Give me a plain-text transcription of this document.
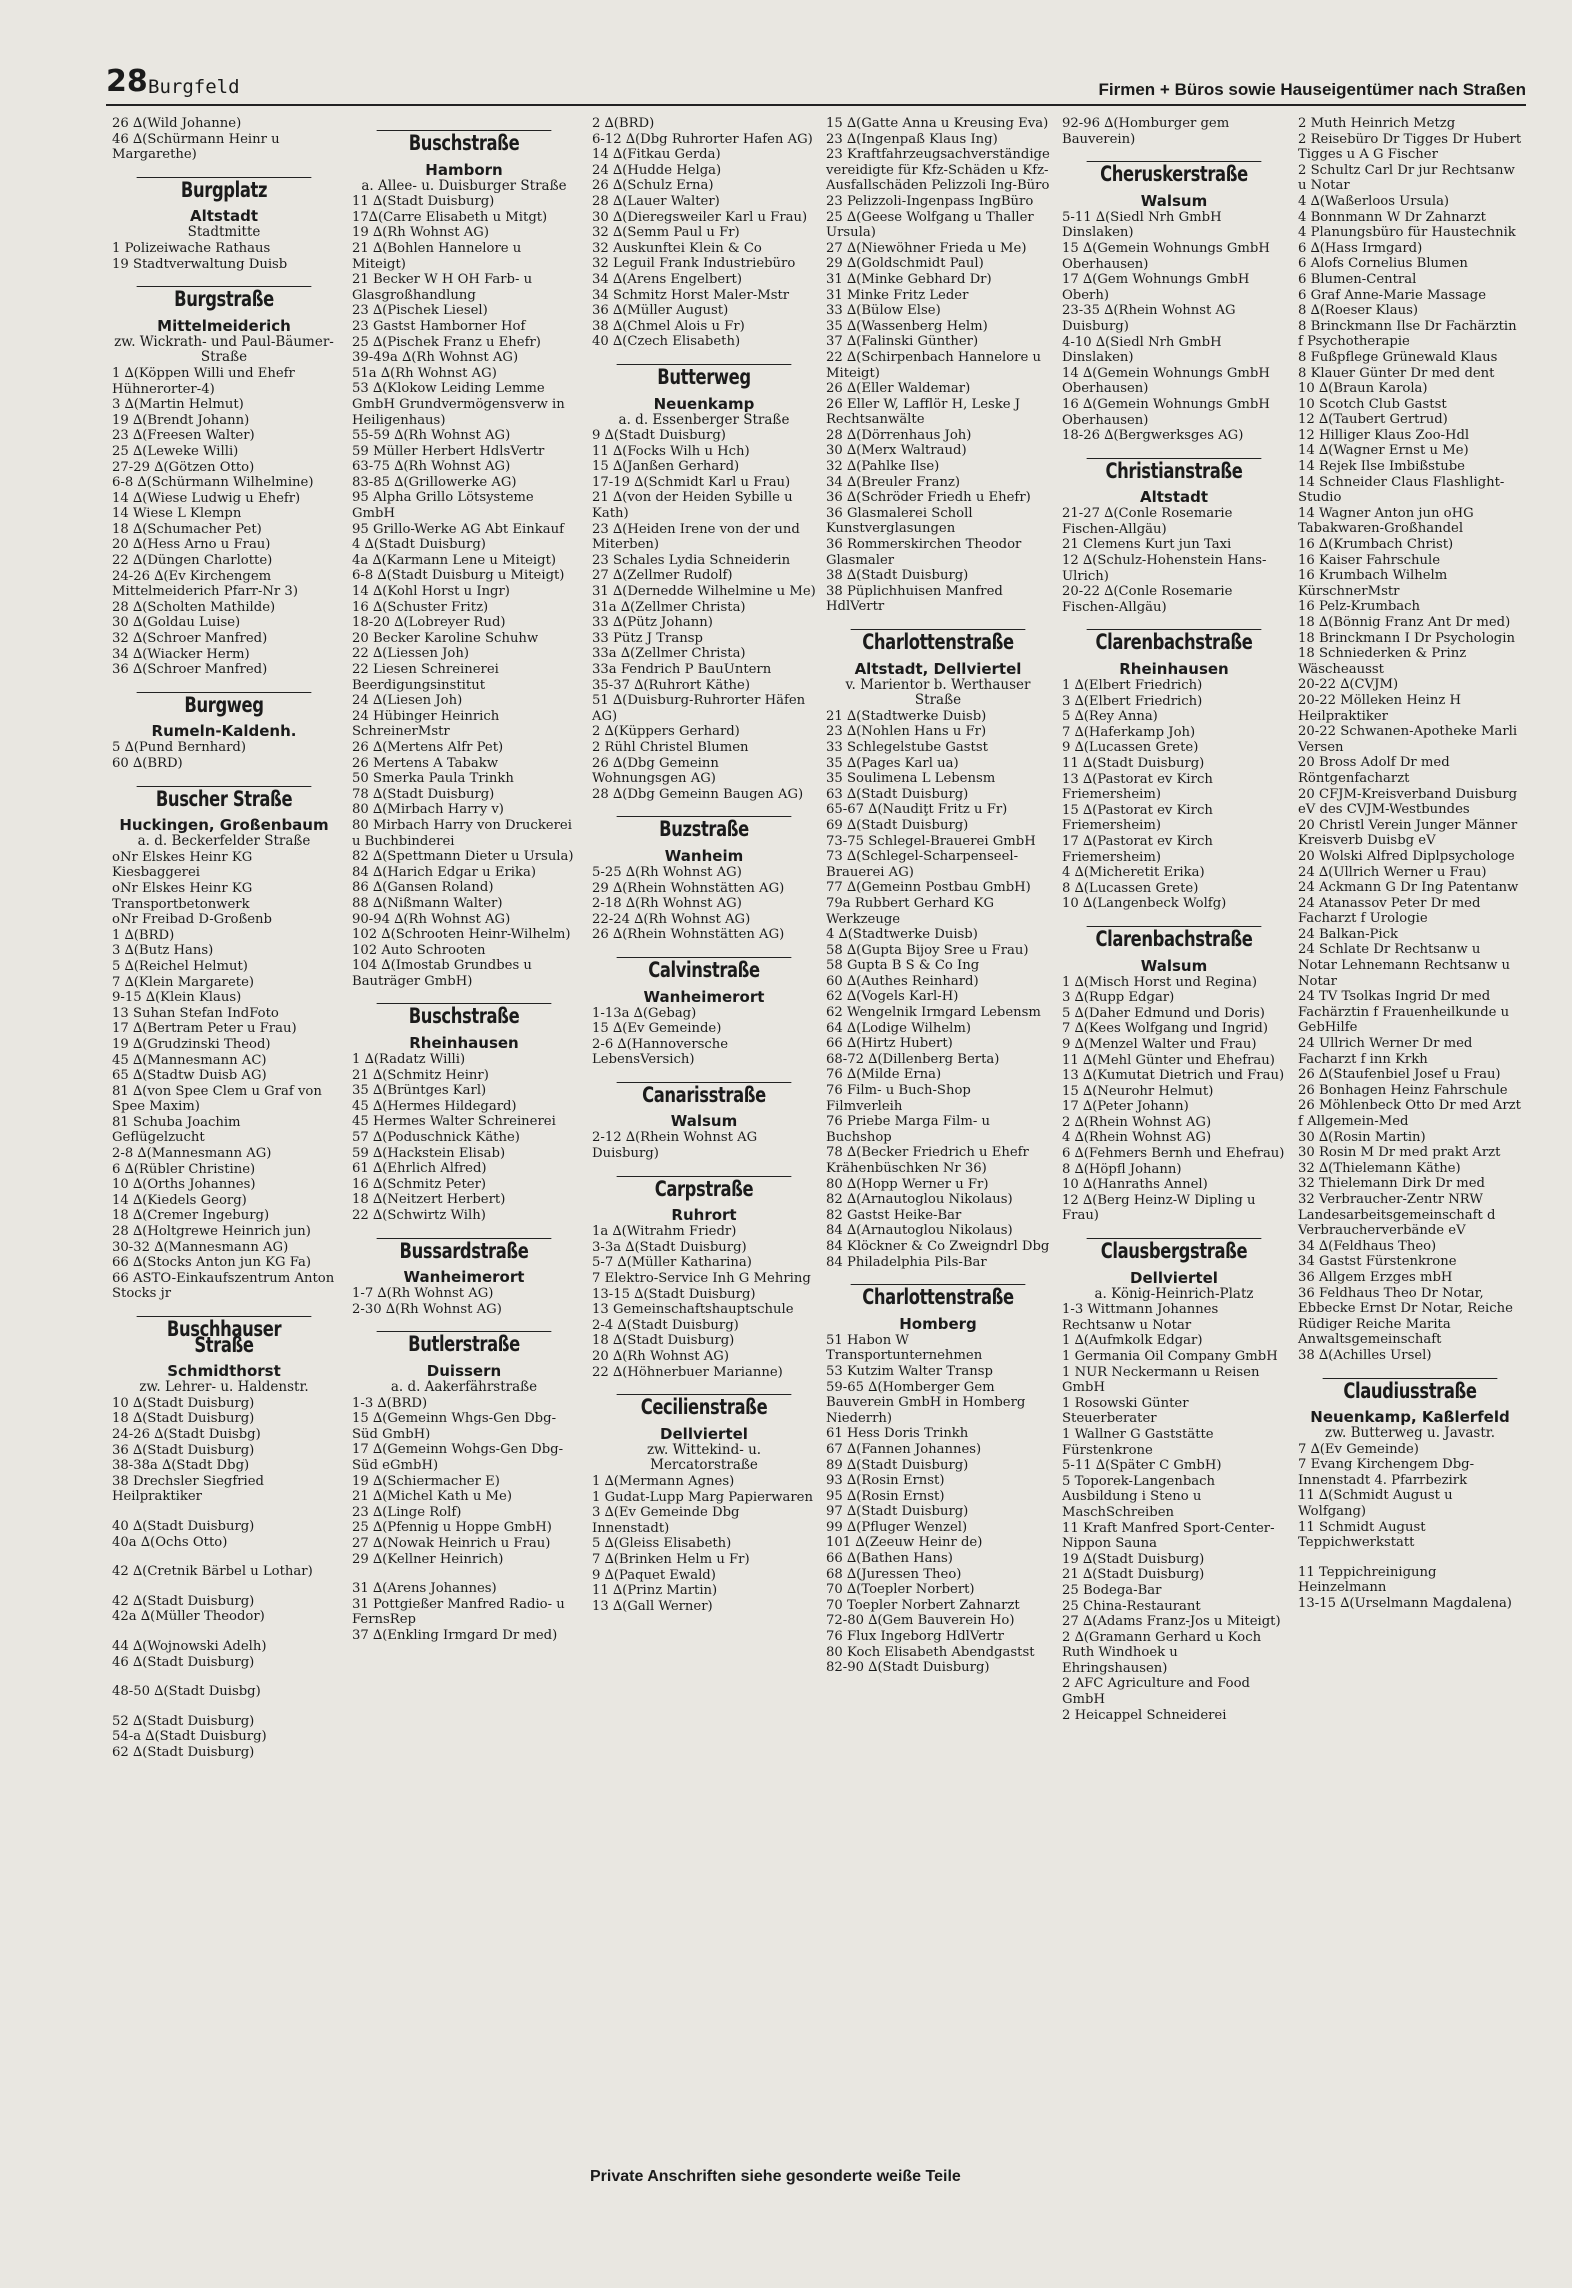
28 Burgfeld	Firmen + Büros sowie Hauseigentümer nach Straßen
26 ∆(Wild Johanne)
46 ∆(Schürmann Heinr u Margarethe)
Burgplatz
Altstadt
Stadtmitte
1 Polizeiwache Rathaus
19 Stadtverwaltung Duisb
Burgstraße
Mittelmeiderich
zw. Wickrath- und Paul-Bäumer-Straße
1 ∆(Köppen Willi und Ehefr Hühnerorter-4)
3 ∆(Martin Helmut)
19 ∆(Brendt Johann)
23 ∆(Freesen Walter)
25 ∆(Leweke Willi)
27-29 ∆(Götzen Otto)
6-8 ∆(Schürmann Wilhelmine)
14 ∆(Wiese Ludwig u Ehefr)
14 Wiese L Klempn
18 ∆(Schumacher Pet)
20 ∆(Hess Arno u Frau)
22 ∆(Düngen Charlotte)
24-26 ∆(Ev Kirchengem Mittelmeiderich Pfarr-Nr 3)
28 ∆(Scholten Mathilde)
30 ∆(Goldau Luise)
32 ∆(Schroer Manfred)
34 ∆(Wiacker Herm)
36 ∆(Schroer Manfred)
Burgweg
Rumeln-Kaldenh.
5 ∆(Pund Bernhard)
60 ∆(BRD)
Buscher Straße
Huckingen, Großenbaum
a. d. Beckerfelder Straße
oNr Elskes Heinr KG Kiesbaggerei
oNr Elskes Heinr KG Transportbetonwerk
oNr Freibad D-Großenb
1 ∆(BRD)
3 ∆(Butz Hans)
5 ∆(Reichel Helmut)
7 ∆(Klein Margarete)
9-15 ∆(Klein Klaus)
13 Suhan Stefan IndFoto
17 ∆(Bertram Peter u Frau)
19 ∆(Grudzinski Theod)
45 ∆(Mannesmann AC)
65 ∆(Stadtw Duisb AG)
81 ∆(von Spee Clem u Graf von Spee Maxim)
81 Schuba Joachim Geflügelzucht
2-8 ∆(Mannesmann AG)
6 ∆(Rübler Christine)
10 ∆(Orths Johannes)
14 ∆(Kiedels Georg)
18 ∆(Cremer Ingeburg)
28 ∆(Holtgrewe Heinrich jun)
30-32 ∆(Mannesmann AG)
66 ∆(Stocks Anton jun KG Fa)
66 ASTO-Einkaufszentrum Anton Stocks jr
Buschhauser Straße
Schmidthorst
zw. Lehrer- u. Haldenstr.
10 ∆(Stadt Duisburg)
18 ∆(Stadt Duisburg)
24-26 ∆(Stadt Duisbg)
36 ∆(Stadt Duisburg)
38-38a ∆(Stadt Dbg)
38 Drechsler Siegfried Heilpraktiker
40 ∆(Stadt Duisburg)
40a ∆(Ochs Otto)
42 ∆(Cretnik Bärbel u Lothar)
42 ∆(Stadt Duisburg)
42a ∆(Müller Theodor)
44 ∆(Wojnowski Adelh)
46 ∆(Stadt Duisburg)
48-50 ∆(Stadt Duisbg)
52 ∆(Stadt Duisburg)
54-a ∆(Stadt Duisburg)
62 ∆(Stadt Duisburg)
Buschstraße
Hamborn
a. Allee- u. Duisburger Straße
11 ∆(Stadt Duisburg)
17∆(Carre Elisabeth u Mitgt)
19 ∆(Rh Wohnst AG)
21 ∆(Bohlen Hannelore u Miteigt)
21 Becker W H OH Farb- u Glasgroßhandlung
23 ∆(Pischek Liesel)
23 Gastst Hamborner Hof
25 ∆(Pischek Franz u Ehefr)
39-49a ∆(Rh Wohnst AG)
51a ∆(Rh Wohnst AG)
53 ∆(Klokow Leiding Lemme GmbH Grundvermögensverw in Heiligenhaus)
55-59 ∆(Rh Wohnst AG)
59 Müller Herbert HdlsVertr
63-75 ∆(Rh Wohnst AG)
83-85 ∆(Grillowerke AG)
95 Alpha Grillo Lötsysteme GmbH
95 Grillo-Werke AG Abt Einkauf
4 ∆(Stadt Duisburg)
4a ∆(Karmann Lene u Miteigt)
6-8 ∆(Stadt Duisburg u Miteigt)
14 ∆(Kohl Horst u Ingr)
16 ∆(Schuster Fritz)
18-20 ∆(Lobreyer Rud)
20 Becker Karoline Schuhw
22 ∆(Liessen Joh)
22 Liesen Schreinerei Beerdigungsinstitut
24 ∆(Liesen Joh)
24 Hübinger Heinrich SchreinerMstr
26 ∆(Mertens Alfr Pet)
26 Mertens A Tabakw
50 Smerka Paula Trinkh
78 ∆(Stadt Duisburg)
80 ∆(Mirbach Harry v)
80 Mirbach Harry von Druckerei u Buchbinderei
82 ∆(Spettmann Dieter u Ursula)
84 ∆(Harich Edgar u Erika)
86 ∆(Gansen Roland)
88 ∆(Nißmann Walter)
90-94 ∆(Rh Wohnst AG)
102 ∆(Schrooten Heinr-Wilhelm)
102 Auto Schrooten
104 ∆(Imostab Grundbes u Bauträger GmbH)
Buschstraße
Rheinhausen
1 ∆(Radatz Willi)
21 ∆(Schmitz Heinr)
35 ∆(Brüntges Karl)
45 ∆(Hermes Hildegard)
45 Hermes Walter Schreinerei
57 ∆(Poduschnick Käthe)
59 ∆(Hackstein Elisab)
61 ∆(Ehrlich Alfred)
16 ∆(Schmitz Peter)
18 ∆(Neitzert Herbert)
22 ∆(Schwirtz Wilh)
Bussardstraße
Wanheimerort
1-7 ∆(Rh Wohnst AG)
2-30 ∆(Rh Wohnst AG)
Butlerstraße
Duissern
a. d. Aakerfährstraße
1-3 ∆(BRD)
15 ∆(Gemeinn Whgs-Gen Dbg-Süd GmbH)
17 ∆(Gemeinn Wohgs-Gen Dbg-Süd eGmbH)
19 ∆(Schiermacher E)
21 ∆(Michel Kath u Me)
23 ∆(Linge Rolf)
25 ∆(Pfennig u Hoppe GmbH)
27 ∆(Nowak Heinrich u Frau)
29 ∆(Kellner Heinrich)
31 ∆(Arens Johannes)
31 Pottgießer Manfred Radio- u FernsRep
37 ∆(Enkling Irmgard Dr med)
2 ∆(BRD)
6-12 ∆(Dbg Ruhrorter Hafen AG)
14 ∆(Fitkau Gerda)
24 ∆(Hudde Helga)
26 ∆(Schulz Erna)
28 ∆(Lauer Walter)
30 ∆(Dieregsweiler Karl u Frau)
32 ∆(Semm Paul u Fr)
32 Auskunftei Klein & Co
32 Leguil Frank Industriebüro
34 ∆(Arens Engelbert)
34 Schmitz Horst Maler-Mstr
36 ∆(Müller August)
38 ∆(Chmel Alois u Fr)
40 ∆(Czech Elisabeth)
Butterweg
Neuenkamp
a. d. Essenberger Straße
9 ∆(Stadt Duisburg)
11 ∆(Focks Wilh u Hch)
15 ∆(Janßen Gerhard)
17-19 ∆(Schmidt Karl u Frau)
21 ∆(von der Heiden Sybille u Kath)
23 ∆(Heiden Irene von der und Miterben)
23 Schales Lydia Schneiderin
27 ∆(Zellmer Rudolf)
31 ∆(Dernedde Wilhelmine u Me)
31a ∆(Zellmer Christa)
33 ∆(Pütz Johann)
33 Pütz J Transp
33a ∆(Zellmer Christa)
33a Fendrich P BauUntern
35-37 ∆(Ruhrort Käthe)
51 ∆(Duisburg-Ruhrorter Häfen AG)
2 ∆(Küppers Gerhard)
2 Rühl Christel Blumen
26 ∆(Dbg Gemeinn Wohnungsgen AG)
28 ∆(Dbg Gemeinn Baugen AG)
Buzstraße
Wanheim
5-25 ∆(Rh Wohnst AG)
29 ∆(Rhein Wohnstätten AG)
2-18 ∆(Rh Wohnst AG)
22-24 ∆(Rh Wohnst AG)
26 ∆(Rhein Wohnstätten AG)
Calvinstraße
Wanheimerort
1-13a ∆(Gebag)
15 ∆(Ev Gemeinde)
2-6 ∆(Hannoversche LebensVersich)
Canarisstraße
Walsum
2-12 ∆(Rhein Wohnst AG Duisburg)
Carpstraße
Ruhrort
1a ∆(Witrahm Friedr)
3-3a ∆(Stadt Duisburg)
5-7 ∆(Müller Katharina)
7 Elektro-Service Inh G Mehring
13-15 ∆(Stadt Duisburg)
13 Gemeinschaftshauptschule
2-4 ∆(Stadt Duisburg)
18 ∆(Stadt Duisburg)
20 ∆(Rh Wohnst AG)
22 ∆(Höhnerbuer Marianne)
Cecilienstraße
Dellviertel
zw. Wittekind- u. Mercatorstraße
1 ∆(Mermann Agnes)
1 Gudat-Lupp Marg Papierwaren
3 ∆(Ev Gemeinde Dbg Innenstadt)
5 ∆(Gleiss Elisabeth)
7 ∆(Brinken Helm u Fr)
9 ∆(Paquet Ewald)
11 ∆(Prinz Martin)
13 ∆(Gall Werner)
15 ∆(Gatte Anna u Kreusing Eva)
23 ∆(Ingenpaß Klaus Ing)
23 Kraftfahrzeugsachverständige vereidigte für Kfz-Schäden u Kfz-Ausfallschäden Pelizzoli Ing-Büro
23 Pelizzoli-Ingenpass IngBüro
25 ∆(Geese Wolfgang u Thaller Ursula)
27 ∆(Niewöhner Frieda u Me)
29 ∆(Goldschmidt Paul)
31 ∆(Minke Gebhard Dr)
31 Minke Fritz Leder
33 ∆(Bülow Else)
35 ∆(Wassenberg Helm)
37 ∆(Falinski Günther)
22 ∆(Schirpenbach Hannelore u Miteigt)
26 ∆(Eller Waldemar)
26 Eller W, Lafflör H, Leske J Rechtsanwälte
28 ∆(Dörrenhaus Joh)
30 ∆(Merx Waltraud)
32 ∆(Pahlke Ilse)
34 ∆(Breuler Franz)
36 ∆(Schröder Friedh u Ehefr)
36 Glasmalerei Scholl Kunstverglasungen
36 Rommerskirchen Theodor Glasmaler
38 ∆(Stadt Duisburg)
38 Püplichhuisen Manfred HdlVertr
Charlottenstraße
Altstadt, Dellviertel
v. Marientor b. Werthauser Straße
21 ∆(Stadtwerke Duisb)
23 ∆(Nohlen Hans u Fr)
33 Schlegelstube Gastst
35 ∆(Pages Karl ua)
35 Soulimena L Lebensm
63 ∆(Stadt Duisburg)
65-67 ∆(Naudiţt Fritz u Fr)
69 ∆(Stadt Duisburg)
73-75 Schlegel-Brauerei GmbH
73 ∆(Schlegel-Scharpenseel-Brauerei AG)
77 ∆(Gemeinn Postbau GmbH)
79a Rubbert Gerhard KG Werkzeuge
4 ∆(Stadtwerke Duisb)
58 ∆(Gupta Bijoy Sree u Frau)
58 Gupta B S & Co Ing
60 ∆(Authes Reinhard)
62 ∆(Vogels Karl-H)
62 Wengelnik Irmgard Lebensm
64 ∆(Lodige Wilhelm)
66 ∆(Hirtz Hubert)
68-72 ∆(Dillenberg Berta)
76 ∆(Milde Erna)
76 Film- u Buch-Shop Filmverleih
76 Priebe Marga Film- u Buchshop
78 ∆(Becker Friedrich u Ehefr Krähenbüschken Nr 36)
80 ∆(Hopp Werner u Fr)
82 ∆(Arnautoglou Nikolaus)
82 Gastst Heike-Bar
84 ∆(Arnautoglou Nikolaus)
84 Klöckner & Co Zweigndrl Dbg
84 Philadelphia Pils-Bar
Charlottenstraße
Homberg
51 Habon W Transportunternehmen
53 Kutzim Walter Transp
59-65 ∆(Homberger Gem Bauverein GmbH in Homberg Niederrh)
61 Hess Doris Trinkh
67 ∆(Fannen Johannes)
89 ∆(Stadt Duisburg)
93 ∆(Rosin Ernst)
95 ∆(Rosin Ernst)
97 ∆(Stadt Duisburg)
99 ∆(Pfluger Wenzel)
101 ∆(Zeeuw Heinr de)
66 ∆(Bathen Hans)
68 ∆(Juressen Theo)
70 ∆(Toepler Norbert)
70 Toepler Norbert Zahnarzt
72-80 ∆(Gem Bauverein Ho)
76 Flux Ingeborg HdlVertr
80 Koch Elisabeth Abendgastst
82-90 ∆(Stadt Duisburg)
92-96 ∆(Homburger gem Bauverein)
Cheruskerstraße
Walsum
5-11 ∆(Siedl Nrh GmbH Dinslaken)
15 ∆(Gemein Wohnungs GmbH Oberhausen)
17 ∆(Gem Wohnungs GmbH Oberh)
23-35 ∆(Rhein Wohnst AG Duisburg)
4-10 ∆(Siedl Nrh GmbH Dinslaken)
14 ∆(Gemein Wohnungs GmbH Oberhausen)
16 ∆(Gemein Wohnungs GmbH Oberhausen)
18-26 ∆(Bergwerksges AG)
Christianstraße
Altstadt
21-27 ∆(Conle Rosemarie Fischen-Allgäu)
21 Clemens Kurt jun Taxi
12 ∆(Schulz-Hohenstein Hans-Ulrich)
20-22 ∆(Conle Rosemarie Fischen-Allgäu)
Clarenbachstraße
Rheinhausen
1 ∆(Elbert Friedrich)
3 ∆(Elbert Friedrich)
5 ∆(Rey Anna)
7 ∆(Haferkamp Joh)
9 ∆(Lucassen Grete)
11 ∆(Stadt Duisburg)
13 ∆(Pastorat ev Kirch Friemersheim)
15 ∆(Pastorat ev Kirch Friemersheim)
17 ∆(Pastorat ev Kirch Friemersheim)
4 ∆(Micheretit Erika)
8 ∆(Lucassen Grete)
10 ∆(Langenbeck Wolfg)
Clarenbachstraße
Walsum
1 ∆(Misch Horst und Regina)
3 ∆(Rupp Edgar)
5 ∆(Daher Edmund und Doris)
7 ∆(Kees Wolfgang und Ingrid)
9 ∆(Menzel Walter und Frau)
11 ∆(Mehl Günter und Ehefrau)
13 ∆(Kumutat Dietrich und Frau)
15 ∆(Neurohr Helmut)
17 ∆(Peter Johann)
2 ∆(Rhein Wohnst AG)
4 ∆(Rhein Wohnst AG)
6 ∆(Fehmers Bernh und Ehefrau)
8 ∆(Höpfl Johann)
10 ∆(Hanraths Annel)
12 ∆(Berg Heinz-W Dipling u Frau)
Clausbergstraße
Dellviertel
a. König-Heinrich-Platz
1-3 Wittmann Johannes Rechtsanw u Notar
1 ∆(Aufmkolk Edgar)
1 Germania Oil Company GmbH
1 NUR Neckermann u Reisen GmbH
1 Rosowski Günter Steuerberater
1 Wallner G Gaststätte Fürstenkrone
5-11 ∆(Später C GmbH)
5 Toporek-Langenbach Ausbildung i Steno u MaschSchreiben
11 Kraft Manfred Sport-Center-Nippon Sauna
19 ∆(Stadt Duisburg)
21 ∆(Stadt Duisburg)
25 Bodega-Bar
25 China-Restaurant
27 ∆(Adams Franz-Jos u Miteigt)
2 ∆(Gramann Gerhard u Koch Ruth Windhoek u Ehringshausen)
2 AFC Agriculture and Food GmbH
2 Heicappel Schneiderei
2 Muth Heinrich Metzg
2 Reisebüro Dr Tigges Dr Hubert Tigges u A G Fischer
2 Schultz Carl Dr jur Rechtsanw u Notar
4 ∆(Waßerloos Ursula)
4 Bonnmann W Dr Zahnarzt
4 Planungsbüro für Haustechnik
6 ∆(Hass Irmgard)
6 Alofs Cornelius Blumen
6 Blumen-Central
6 Graf Anne-Marie Massage
8 ∆(Roeser Klaus)
8 Brinckmann Ilse Dr Fachärztin f Psychotherapie
8 Fußpflege Grünewald Klaus
8 Klauer Günter Dr med dent
10 ∆(Braun Karola)
10 Scotch Club Gastst
12 ∆(Taubert Gertrud)
12 Hilliger Klaus Zoo-Hdl
14 ∆(Wagner Ernst u Me)
14 Rejek Ilse Imbißstube
14 Schneider Claus Flashlight-Studio
14 Wagner Anton jun oHG Tabakwaren-Großhandel
16 ∆(Krumbach Christ)
16 Kaiser Fahrschule
16 Krumbach Wilhelm KürschnerMstr
16 Pelz-Krumbach
18 ∆(Bönnig Franz Ant Dr med)
18 Brinckmann I Dr Psychologin
18 Schniederken & Prinz Wäscheausst
20-22 ∆(CVJM)
20-22 Mölleken Heinz H Heilpraktiker
20-22 Schwanen-Apotheke Marli Versen
20 Bross Adolf Dr med Röntgenfacharzt
20 CFJM-Kreisverband Duisburg eV des CVJM-Westbundes
20 Christl Verein Junger Männer Kreisverb Duisbg eV
20 Wolski Alfred Diplpsychologe
24 ∆(Ullrich Werner u Frau)
24 Ackmann G Dr Ing Patentanw
24 Atanassov Peter Dr med Facharzt f Urologie
24 Balkan-Pick
24 Schlate Dr Rechtsanw u Notar Lehnemann Rechtsanw u Notar
24 TV Tsolkas Ingrid Dr med Fachärztin f Frauenheilkunde u GebHilfe
24 Ullrich Werner Dr med Facharzt f inn Krkh
26 ∆(Staufenbiel Josef u Frau)
26 Bonhagen Heinz Fahrschule
26 Möhlenbeck Otto Dr med Arzt f Allgemein-Med
30 ∆(Rosin Martin)
30 Rosin M Dr med prakt Arzt
32 ∆(Thielemann Käthe)
32 Thielemann Dirk Dr med
32 Verbraucher-Zentr NRW Landesarbeitsgemeinschaft d Verbraucherverbände eV
34 ∆(Feldhaus Theo)
34 Gastst Fürstenkrone
36 Allgem Erzges mbH
36 Feldhaus Theo Dr Notar, Ebbecke Ernst Dr Notar, Reiche Rüdiger Reiche Marita Anwaltsgemeinschaft
38 ∆(Achilles Ursel)
Claudiusstraße
Neuenkamp, Kaßlerfeld
zw. Butterweg u. Javastr.
7 ∆(Ev Gemeinde)
7 Evang Kirchengem Dbg-Innenstadt 4. Pfarrbezirk
11 ∆(Schmidt August u Wolfgang)
11 Schmidt August Teppichwerkstatt
11 Teppichreinigung Heinzelmann
13-15 ∆(Urselmann Magdalena)
Private Anschriften siehe gesonderte weiße Teile
